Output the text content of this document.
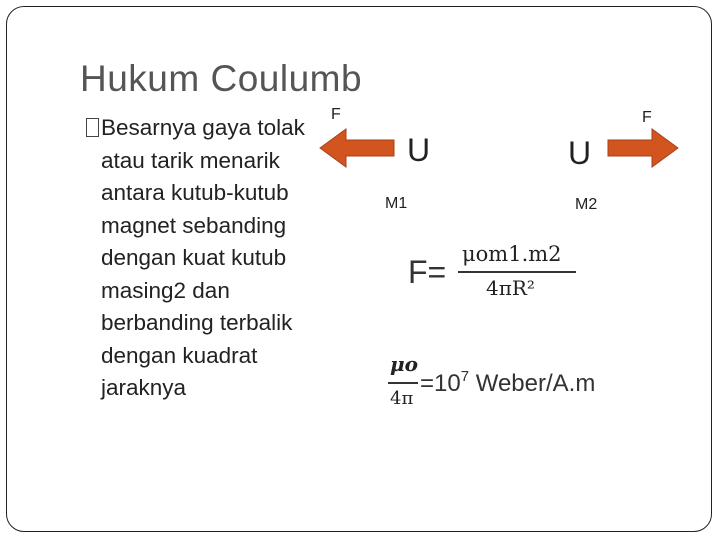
Hukum Coulumb
Besarnya gaya tolak
atau tarik menarik
antara kutub-kutub
magnet sebanding
dengan kuat kutub
masing2 dan
berbanding terbalik
dengan kuadrat
jaraknya
F	F
U	U
M1	M2
F= μom1.m2
4πR²
μo
4π
$=10^7$ Weber/A.m
